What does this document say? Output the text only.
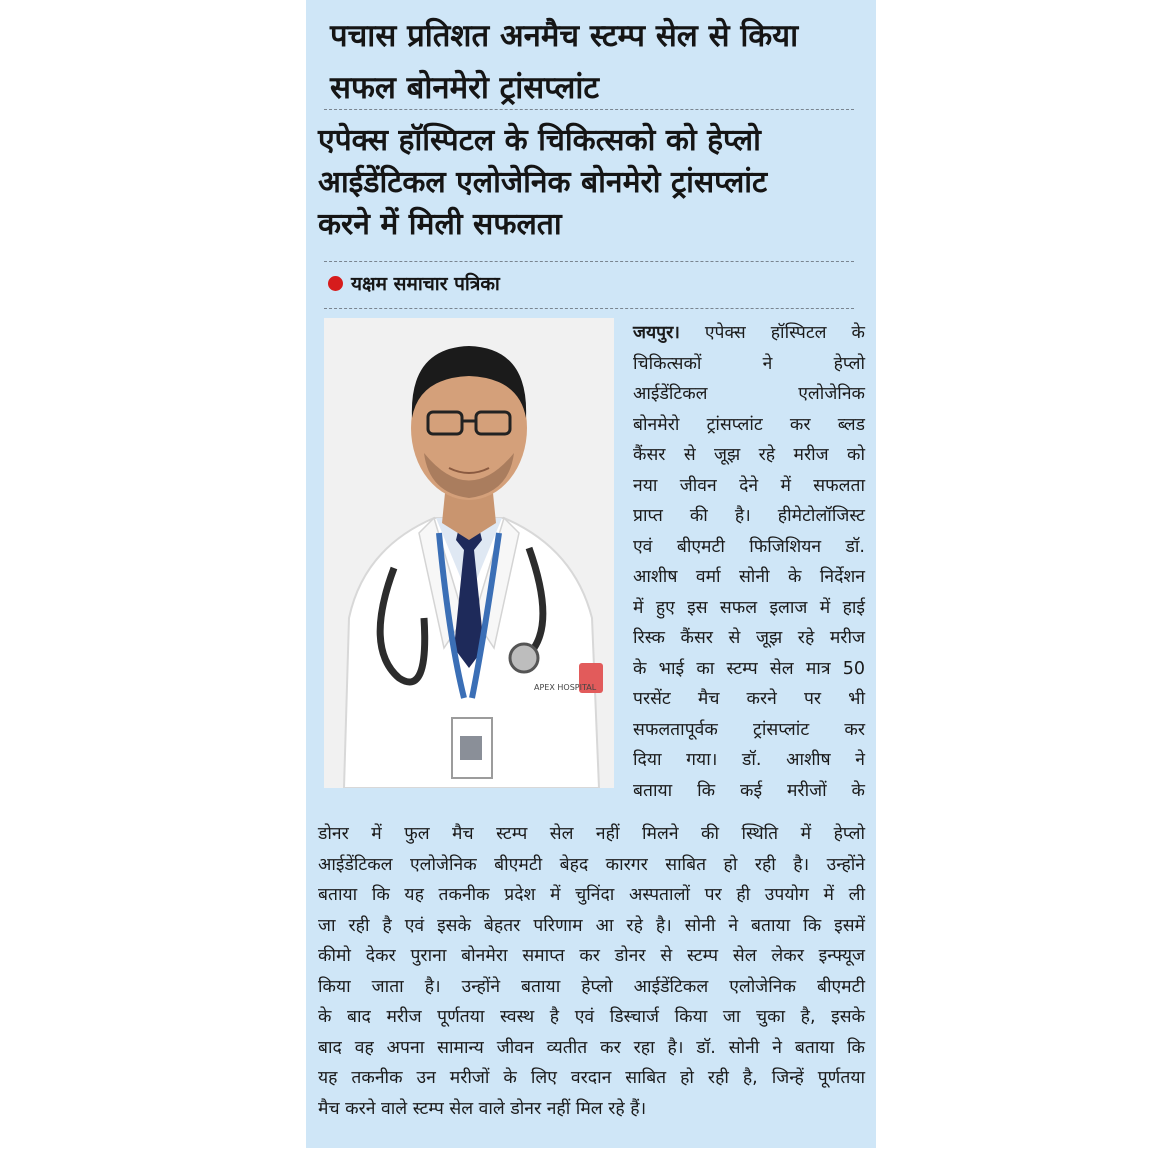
पचास प्रतिशत अनमैच स्टम्प सेल से किया
सफल बोनमेरो ट्रांसप्लांट
एपेक्स हॉस्पिटल के चिकित्सको को हेप्लो
आईडेंटिकल एलोजेनिक बोनमेरो ट्रांसप्लांट
करने में मिली सफलता
यक्षम समाचार पत्रिका
APEX HOSPITAL
जयपुर। एपेक्स हॉस्पिटल के
चिकित्सकों ने हेप्लो
आईडेंटिकल एलोजेनिक
बोनमेरो ट्रांसप्लांट कर ब्लड
कैंसर से जूझ रहे मरीज को
नया जीवन देने में सफलता
प्राप्त की है। हीमेटोलॉजिस्ट
एवं बीएमटी फिजिशियन डॉ.
आशीष वर्मा सोनी के निर्देशन
में हुए इस सफल इलाज में हाई
रिस्क कैंसर से जूझ रहे मरीज
के भाई का स्टम्प सेल मात्र 50
परसेंट मैच करने पर भी
सफलतापूर्वक ट्रांसप्लांट कर
दिया गया। डॉ. आशीष ने
बताया कि कई मरीजों के
डोनर में फुल मैच स्टम्प सेल नहीं मिलने की स्थिति में हेप्लो
आईडेंटिकल एलोजेनिक बीएमटी बेहद कारगर साबित हो रही है। उन्होंने
बताया कि यह तकनीक प्रदेश में चुनिंदा अस्पतालों पर ही उपयोग में ली
जा रही है एवं इसके बेहतर परिणाम आ रहे है। सोनी ने बताया कि इसमें
कीमो देकर पुराना बोनमेरा समाप्त कर डोनर से स्टम्प सेल लेकर इन्फ्यूज
किया जाता है। उन्होंने बताया हेप्लो आईडेंटिकल एलोजेनिक बीएमटी
के बाद मरीज पूर्णतया स्वस्थ है एवं डिस्चार्ज किया जा चुका है, इसके
बाद वह अपना सामान्य जीवन व्यतीत कर रहा है। डॉ. सोनी ने बताया कि
यह तकनीक उन मरीजों के लिए वरदान साबित हो रही है, जिन्हें पूर्णतया
मैच करने वाले स्टम्प सेल वाले डोनर नहीं मिल रहे हैं।
